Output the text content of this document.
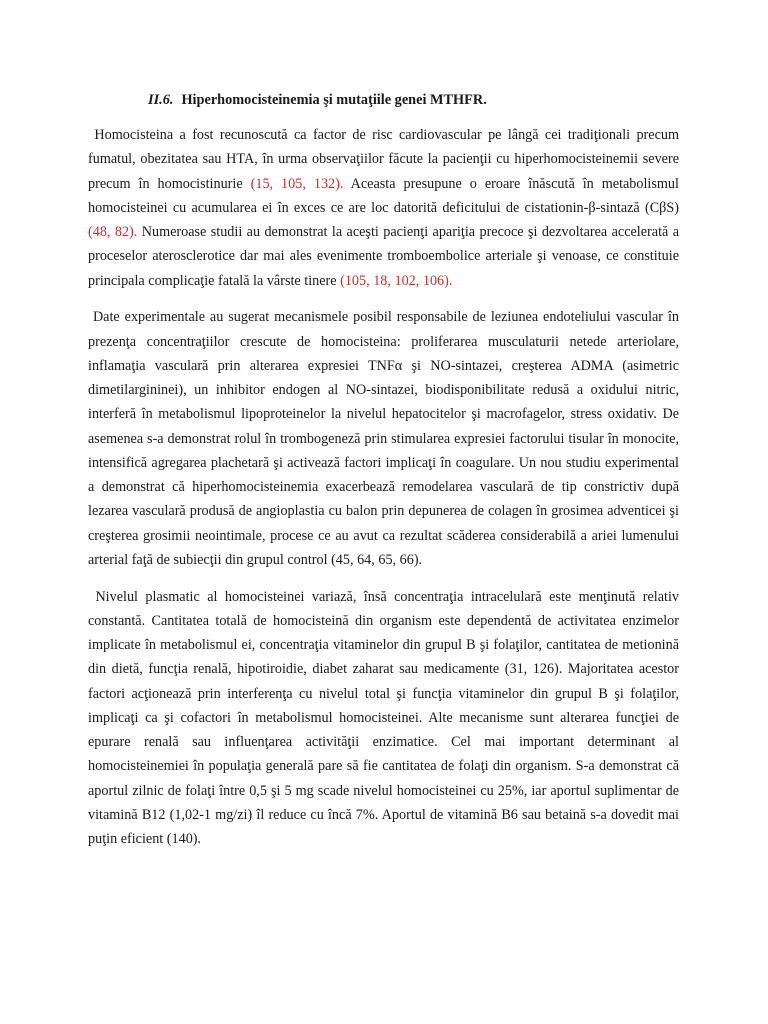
II.6. Hiperhomocisteinemia şi mutaţiile genei MTHFR.

Homocisteina a fost recunoscută ca factor de risc cardiovascular pe lângă cei tradiţionali precum fumatul, obezitatea sau HTA, în urma observaţiilor făcute la pacienţii cu hiperhomocisteinemii severe precum în homocistinurie (15, 105, 132). Aceasta presupune o eroare înăscută în metabolismul homocisteinei cu acumularea ei în exces ce are loc datorită deficitului de cistationin-β-sintază (CβS) (48, 82). Numeroase studii au demonstrat la aceşti pacienţi apariţia precoce şi dezvoltarea accelerată a proceselor aterosclerotice dar mai ales evenimente tromboembolice arteriale şi venoase, ce constituie principala complicaţie fatală la vârste tinere (105, 18, 102, 106).

Date experimentale au sugerat mecanismele posibil responsabile de leziunea endoteliului vascular în prezenţa concentraţiilor crescute de homocisteina: proliferarea musculaturii netede arteriolare, inflamaţia vasculară prin alterarea expresiei TNFα şi NO-sintazei, creşterea ADMA (asimetric dimetilargininei), un inhibitor endogen al NO-sintazei, biodisponibilitate redusă a oxidului nitric, interferă în metabolismul lipoproteinelor la nivelul hepatocitelor şi macrofagelor, stress oxidativ. De asemenea s-a demonstrat rolul în trombogeneză prin stimularea expresiei factorului tisular în monocite, intensifică agregarea plachetară şi activează factori implicaţi în coagulare. Un nou studiu experimental a demonstrat că hiperhomocisteinemia exacerbează remodelarea vasculară de tip constrictiv după lezarea vasculară produsă de angioplastia cu balon prin depunerea de colagen în grosimea adventicei şi creşterea grosimii neointimale, procese ce au avut ca rezultat scăderea considerabilă a ariei lumenului arterial faţă de subiecţii din grupul control (45, 64, 65, 66).

Nivelul plasmatic al homocisteinei variază, însă concentraţia intracelulară este menţinută relativ constantă. Cantitatea totală de homocisteină din organism este dependentă de activitatea enzimelor implicate în metabolismul ei, concentraţia vitaminelor din grupul B şi folaţilor, cantitatea de metionină din dietă, funcţia renală, hipotiroidie, diabet zaharat sau medicamente (31, 126). Majoritatea acestor factori acţionează prin interferenţa cu nivelul total şi funcţia vitaminelor din grupul B şi folaţilor, implicaţi ca şi cofactori în metabolismul homocisteinei. Alte mecanisme sunt alterarea funcţiei de epurare renală sau influenţarea activităţii enzimatice. Cel mai important determinant al homocisteinemiei în populaţia generală pare să fie cantitatea de folaţi din organism. S-a demonstrat că aportul zilnic de folaţi între 0,5 şi 5 mg scade nivelul homocisteinei cu 25%, iar aportul suplimentar de vitamină B12 (1,02-1 mg/zi) îl reduce cu încă 7%. Aportul de vitamină B6 sau betaină s-a dovedit mai puţin eficient (140).
